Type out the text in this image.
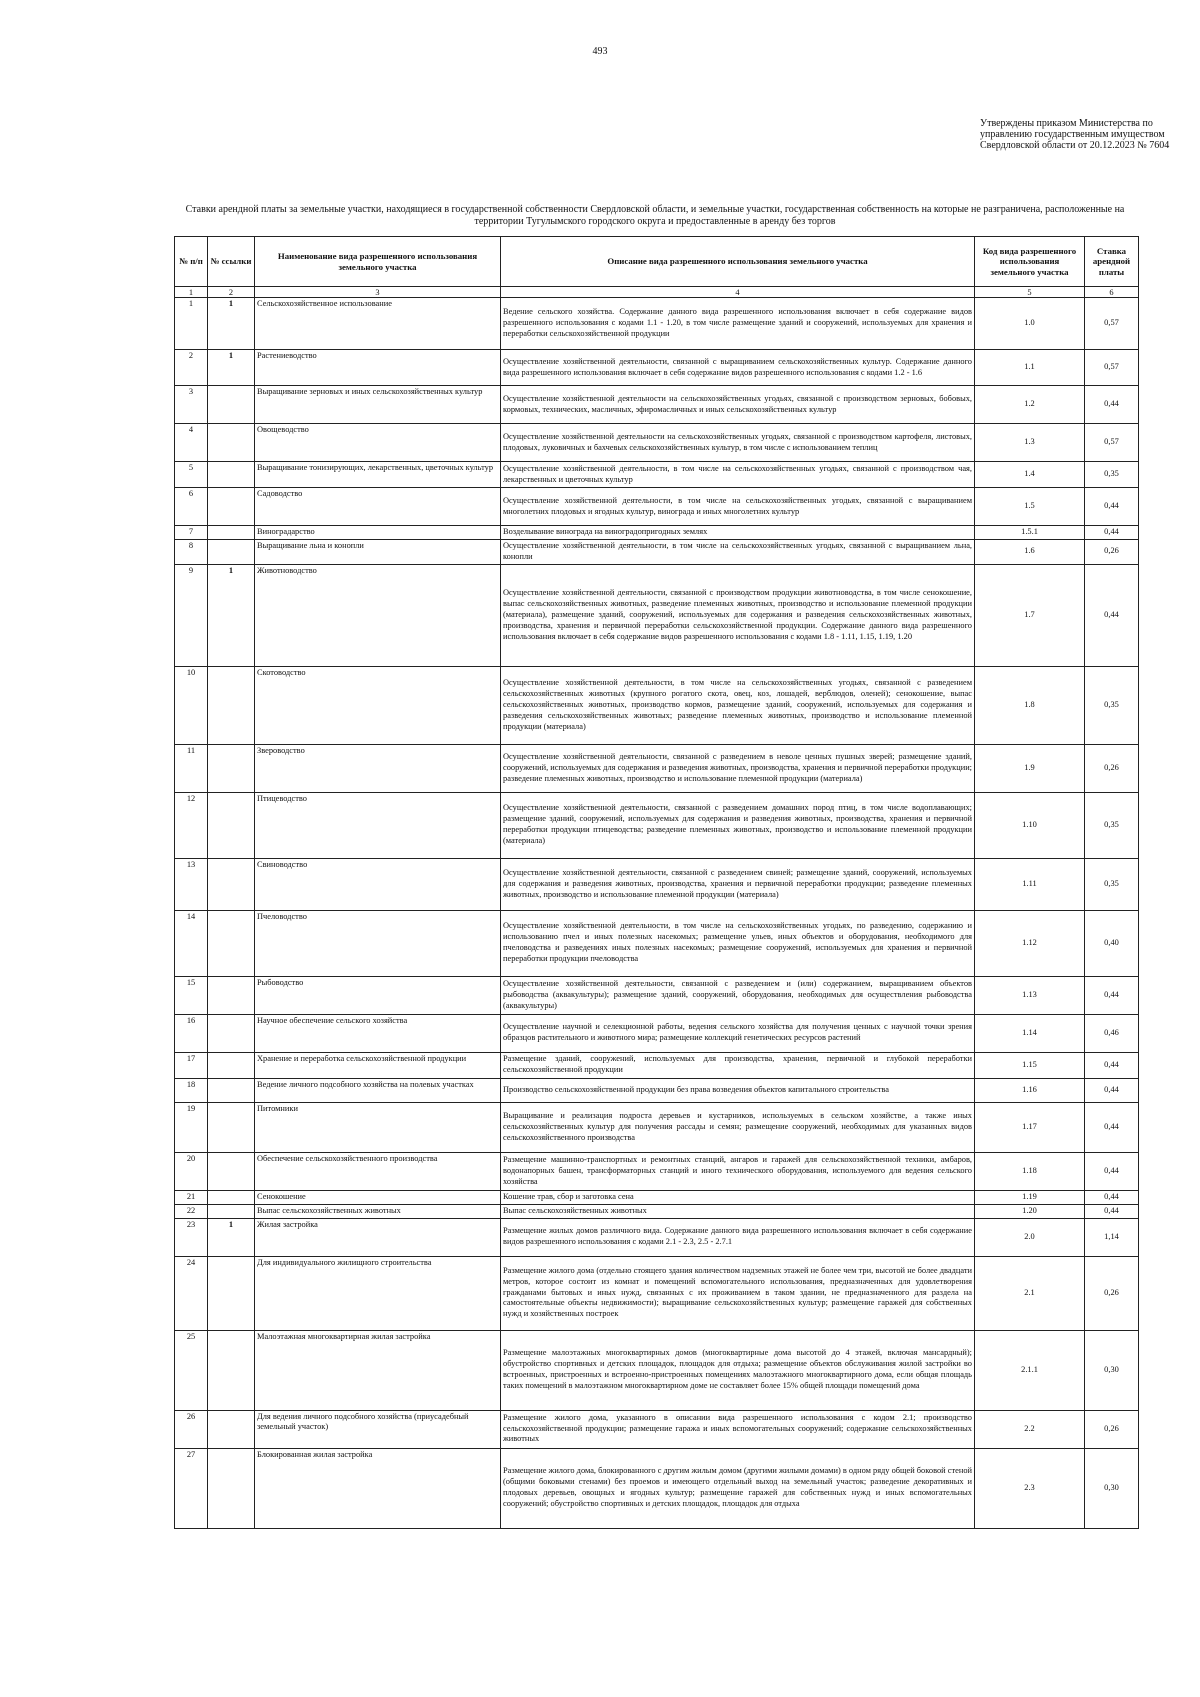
493
Утверждены приказом Министерства по управлению государственным имуществом Свердловской области от 20.12.2023 № 7604
Ставки арендной платы за земельные участки, находящиеся в государственной собственности Свердловской области, и земельные участки, государственная собственность на которые не разграничена, расположенные на территории Тугулымского городского округа и предоставленные в аренду без торгов
№ п/п	№ ссылки	Наименование вида разрешенного использования земельного участка	Описание вида разрешенного использования земельного участка	Код вида разрешенного использования земельного участка	Ставка арендной платы
1	2	3	4	5	6
1	1	Сельскохозяйственное использование	Ведение сельского хозяйства. Содержание данного вида разрешенного использования включает в себя содержание видов разрешенного использования с кодами 1.1 - 1.20, в том числе размещение зданий и сооружений, используемых для хранения и переработки сельскохозяйственной продукции	1.0	0,57
2	1	Растениеводство	Осуществление хозяйственной деятельности, связанной с выращиванием сельскохозяйственных культур. Содержание данного вида разрешенного использования включает в себя содержание видов разрешенного использования с кодами 1.2 - 1.6	1.1	0,57
3		Выращивание зерновых и иных сельскохозяйственных культур	Осуществление хозяйственной деятельности на сельскохозяйственных угодьях, связанной с производством зерновых, бобовых, кормовых, технических, масличных, эфиромасличных и иных сельскохозяйственных культур	1.2	0,44
4		Овощеводство	Осуществление хозяйственной деятельности на сельскохозяйственных угодьях, связанной с производством картофеля, листовых, плодовых, луковичных и бахчевых сельскохозяйственных культур, в том числе с использованием теплиц	1.3	0,57
5		Выращивание тонизирующих, лекарственных, цветочных культур	Осуществление хозяйственной деятельности, в том числе на сельскохозяйственных угодьях, связанной с производством чая, лекарственных и цветочных культур	1.4	0,35
6		Садоводство	Осуществление хозяйственной деятельности, в том числе на сельскохозяйственных угодьях, связанной с выращиванием многолетних плодовых и ягодных культур, винограда и иных многолетних культур	1.5	0,44
7		Виноградарство	Возделывание винограда на виноградопригодных землях	1.5.1	0,44
8		Выращивание льна и конопли	Осуществление хозяйственной деятельности, в том числе на сельскохозяйственных угодьях, связанной с выращиванием льна, конопли	1.6	0,26
9	1	Животноводство	Осуществление хозяйственной деятельности, связанной с производством продукции животноводства, в том числе сенокошение, выпас сельскохозяйственных животных, разведение племенных животных, производство и использование племенной продукции (материала), размещение зданий, сооружений, используемых для содержания и разведения сельскохозяйственных животных, производства, хранения и первичной переработки сельскохозяйственной продукции. Содержание данного вида разрешенного использования включает в себя содержание видов разрешенного использования с кодами 1.8 - 1.11, 1.15, 1.19, 1.20	1.7	0,44
10		Скотоводство	Осуществление хозяйственной деятельности, в том числе на сельскохозяйственных угодьях, связанной с разведением сельскохозяйственных животных (крупного рогатого скота, овец, коз, лошадей, верблюдов, оленей); сенокошение, выпас сельскохозяйственных животных, производство кормов, размещение зданий, сооружений, используемых для содержания и разведения сельскохозяйственных животных; разведение племенных животных, производство и использование племенной продукции (материала)	1.8	0,35
11		Звероводство	Осуществление хозяйственной деятельности, связанной с разведением в неволе ценных пушных зверей; размещение зданий, сооружений, используемых для содержания и разведения животных, производства, хранения и первичной переработки продукции; разведение племенных животных, производство и использование племенной продукции (материала)	1.9	0,26
12		Птицеводство	Осуществление хозяйственной деятельности, связанной с разведением домашних пород птиц, в том числе водоплавающих; размещение зданий, сооружений, используемых для содержания и разведения животных, производства, хранения и первичной переработки продукции птицеводства; разведение племенных животных, производство и использование племенной продукции (материала)	1.10	0,35
13		Свиноводство	Осуществление хозяйственной деятельности, связанной с разведением свиней; размещение зданий, сооружений, используемых для содержания и разведения животных, производства, хранения и первичной переработки продукции; разведение племенных животных, производство и использование племенной продукции (материала)	1.11	0,35
14		Пчеловодство	Осуществление хозяйственной деятельности, в том числе на сельскохозяйственных угодьях, по разведению, содержанию и использованию пчел и иных полезных насекомых; размещение ульев, иных объектов и оборудования, необходимого для пчеловодства и разведениях иных полезных насекомых; размещение сооружений, используемых для хранения и первичной переработки продукции пчеловодства	1.12	0,40
15		Рыбоводство	Осуществление хозяйственной деятельности, связанной с разведением и (или) содержанием, выращиванием объектов рыбоводства (аквакультуры); размещение зданий, сооружений, оборудования, необходимых для осуществления рыбоводства (аквакультуры)	1.13	0,44
16		Научное обеспечение сельского хозяйства	Осуществление научной и селекционной работы, ведения сельского хозяйства для получения ценных с научной точки зрения образцов растительного и животного мира; размещение коллекций генетических ресурсов растений	1.14	0,46
17		Хранение и переработка сельскохозяйственной продукции	Размещение зданий, сооружений, используемых для производства, хранения, первичной и глубокой переработки сельскохозяйственной продукции	1.15	0,44
18		Ведение личного подсобного хозяйства на полевых участках	Производство сельскохозяйственной продукции без права возведения объектов капитального строительства	1.16	0,44
19		Питомники	Выращивание и реализация подроста деревьев и кустарников, используемых в сельском хозяйстве, а также иных сельскохозяйственных культур для получения рассады и семян; размещение сооружений, необходимых для указанных видов сельскохозяйственного производства	1.17	0,44
20		Обеспечение сельскохозяйственного производства	Размещение машинно-транспортных и ремонтных станций, ангаров и гаражей для сельскохозяйственной техники, амбаров, водонапорных башен, трансформаторных станций и иного технического оборудования, используемого для ведения сельского хозяйства	1.18	0,44
21		Сенокошение	Кошение трав, сбор и заготовка сена	1.19	0,44
22		Выпас сельскохозяйственных животных	Выпас сельскохозяйственных животных	1.20	0,44
23	1	Жилая застройка	Размещение жилых домов различного вида. Содержание данного вида разрешенного использования включает в себя содержание видов разрешенного использования с кодами 2.1 - 2.3, 2.5 - 2.7.1	2.0	1,14
24		Для индивидуального жилищного строительства	Размещение жилого дома (отдельно стоящего здания количеством надземных этажей не более чем три, высотой не более двадцати метров, которое состоит из комнат и помещений вспомогательного использования, предназначенных для удовлетворения гражданами бытовых и иных нужд, связанных с их проживанием в таком здании, не предназначенного для раздела на самостоятельные объекты недвижимости); выращивание сельскохозяйственных культур; размещение гаражей для собственных нужд и хозяйственных построек	2.1	0,26
25		Малоэтажная многоквартирная жилая застройка	Размещение малоэтажных многоквартирных домов (многоквартирные дома высотой до 4 этажей, включая мансардный); обустройство спортивных и детских площадок, площадок для отдыха; размещение объектов обслуживания жилой застройки во встроенных, пристроенных и встроенно-пристроенных помещениях малоэтажного многоквартирного дома, если общая площадь таких помещений в малоэтажном многоквартирном доме не составляет более 15% общей площади помещений дома	2.1.1	0,30
26		Для ведения личного подсобного хозяйства (приусадебный земельный участок)	Размещение жилого дома, указанного в описании вида разрешенного использования с кодом 2.1; производство сельскохозяйственной продукции; размещение гаража и иных вспомогательных сооружений; содержание сельскохозяйственных животных	2.2	0,26
27		Блокированная жилая застройка	Размещение жилого дома, блокированного с другим жилым домом (другими жилыми домами) в одном ряду общей боковой стеной (общими боковыми стенами) без проемов и имеющего отдельный выход на земельный участок; разведение декоративных и плодовых деревьев, овощных и ягодных культур; размещение гаражей для собственных нужд и иных вспомогательных сооружений; обустройство спортивных и детских площадок, площадок для отдыха	2.3	0,30
